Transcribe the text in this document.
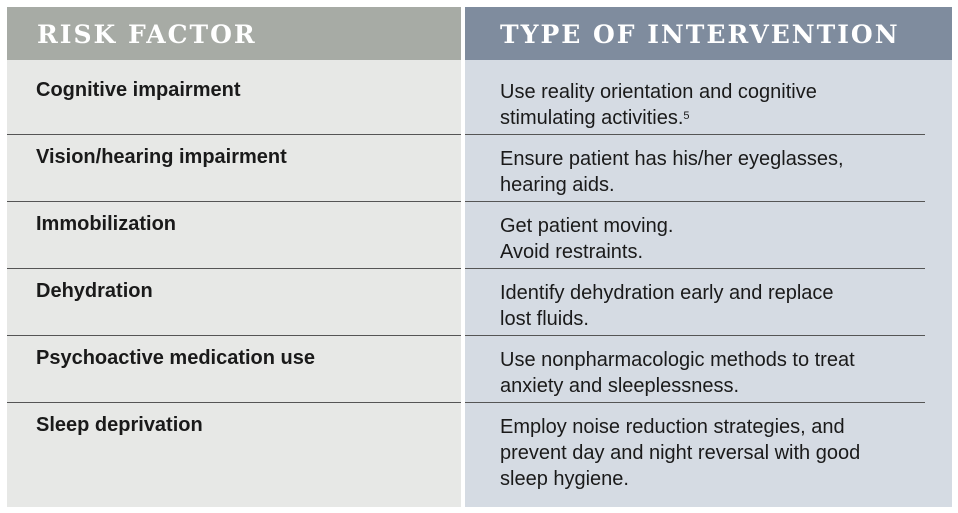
RISK FACTOR	TYPE OF INTERVENTION
Cognitive impairment	Use reality orientation and cognitive
stimulating activities.$^5$
Vision/hearing impairment	Ensure patient has his/her eyeglasses,
hearing aids.
Immobilization	Get patient moving.
Avoid restraints.
Dehydration	Identify dehydration early and replace
lost fluids.
Psychoactive medication use	Use nonpharmacologic methods to treat
anxiety and sleeplessness.
Sleep deprivation	Employ noise reduction strategies, and
prevent day and night reversal with good
sleep hygiene.
